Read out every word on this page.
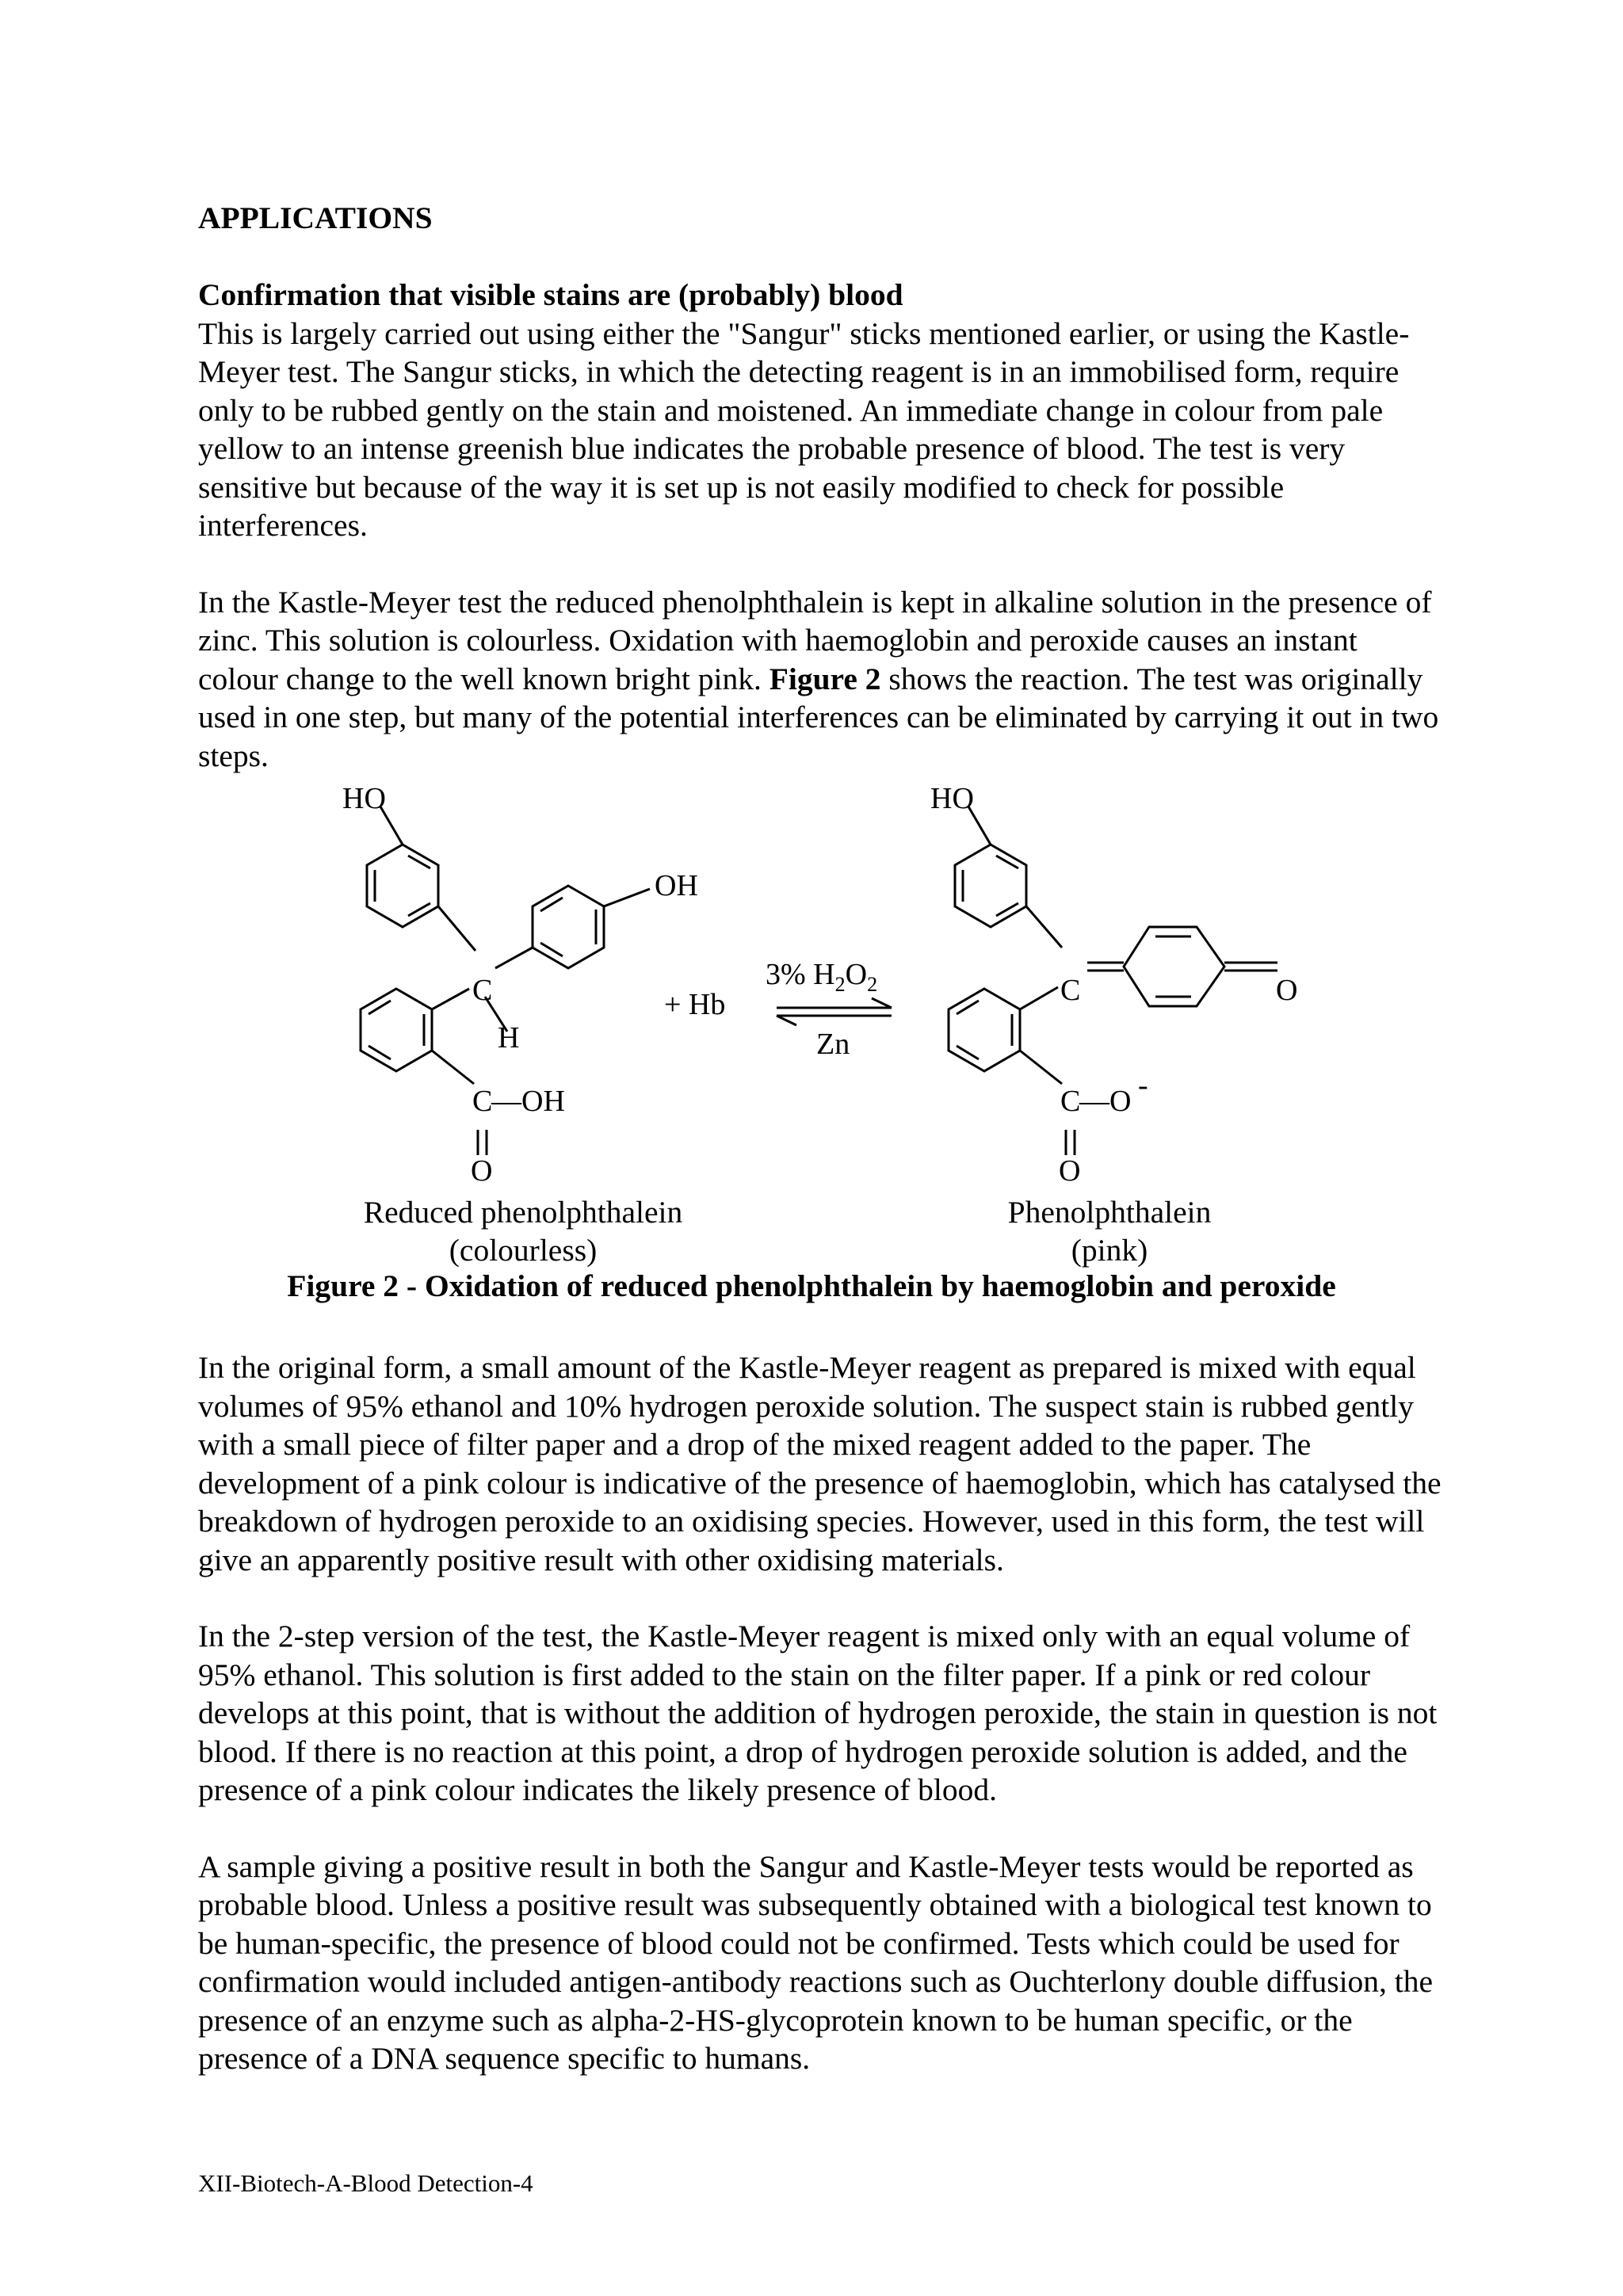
APPLICATIONS

Confirmation that visible stains are (probably) blood

This is largely carried out using either the "Sangur" sticks mentioned earlier, or using the Kastle-Meyer test. The Sangur sticks, in which the detecting reagent is in an immobilised form, require only to be rubbed gently on the stain and moistened. An immediate change in colour from pale yellow to an intense greenish blue indicates the probable presence of blood. The test is very sensitive but because of the way it is set up is not easily modified to check for possible interferences.

In the Kastle-Meyer test the reduced phenolphthalein is kept in alkaline solution in the presence of zinc. This solution is colourless. Oxidation with haemoglobin and peroxide causes an instant colour change to the well known bright pink. Figure 2 shows the reaction. The test was originally used in one step, but many of the potential interferences can be eliminated by carrying it out in two steps.

HO
OH
C
H
C
—OH
O
+ Hb
3% $H_2O_2$
Zn
HO
C	O
C
—O -
O
Reduced phenolphthalein
(colourless)
Phenolphthalein
(pink)
Figure 2 - Oxidation of reduced phenolphthalein by haemoglobin and peroxide

In the original form, a small amount of the Kastle-Meyer reagent as prepared is mixed with equal volumes of 95% ethanol and 10% hydrogen peroxide solution. The suspect stain is rubbed gently with a small piece of filter paper and a drop of the mixed reagent added to the paper. The development of a pink colour is indicative of the presence of haemoglobin, which has catalysed the breakdown of hydrogen peroxide to an oxidising species. However, used in this form, the test will give an apparently positive result with other oxidising materials.

In the 2-step version of the test, the Kastle-Meyer reagent is mixed only with an equal volume of 95% ethanol. This solution is first added to the stain on the filter paper. If a pink or red colour develops at this point, that is without the addition of hydrogen peroxide, the stain in question is not blood. If there is no reaction at this point, a drop of hydrogen peroxide solution is added, and the presence of a pink colour indicates the likely presence of blood.

A sample giving a positive result in both the Sangur and Kastle-Meyer tests would be reported as probable blood. Unless a positive result was subsequently obtained with a biological test known to be human-specific, the presence of blood could not be confirmed. Tests which could be used for confirmation would included antigen-antibody reactions such as Ouchterlony double diffusion, the presence of an enzyme such as alpha-2-HS-glycoprotein known to be human specific, or the presence of a DNA sequence specific to humans.

XII-Biotech-A-Blood Detection-4
